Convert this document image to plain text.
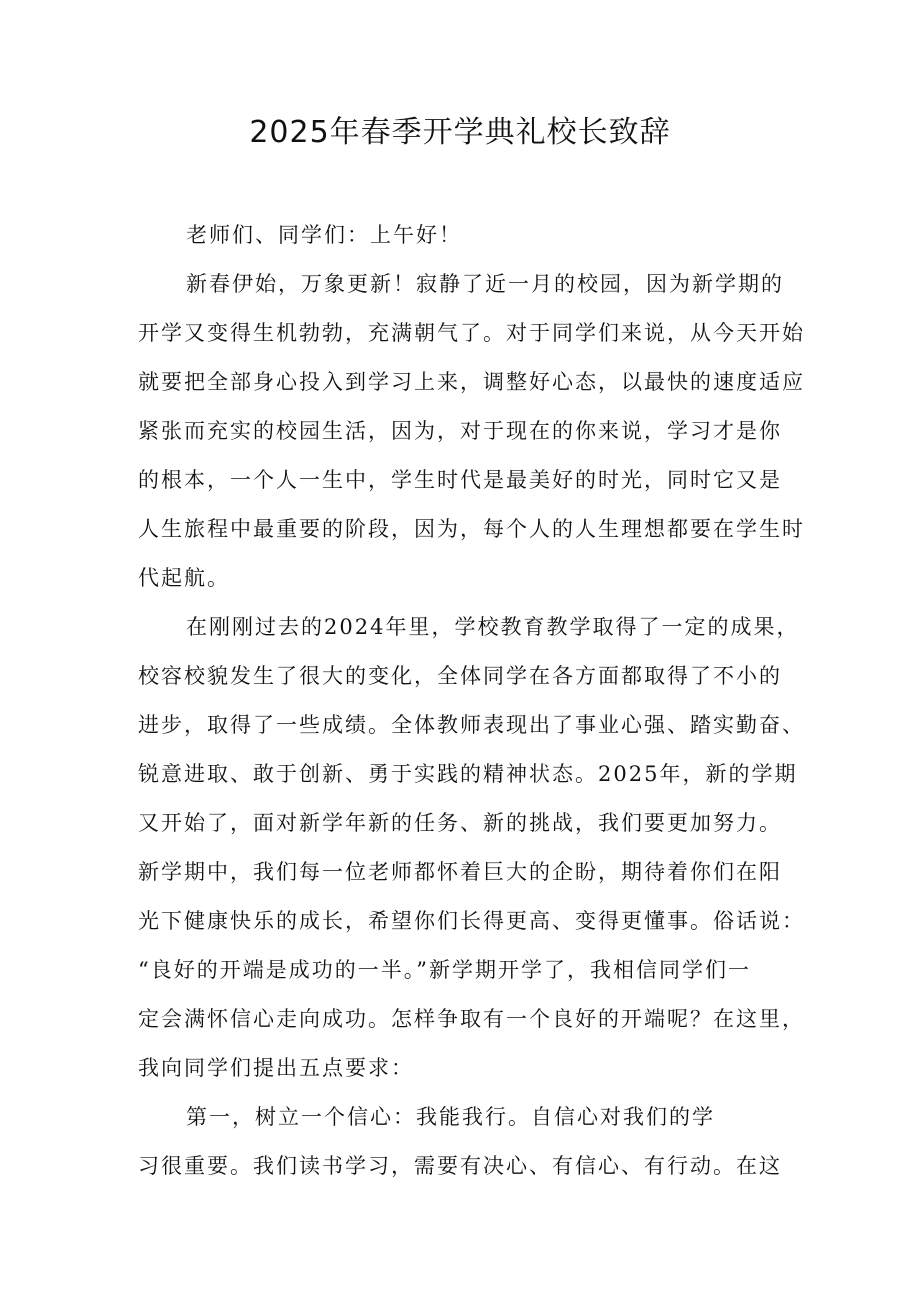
2025年春季开学典礼校长致辞
老师们、同学们：上午好！
新春伊始，万象更新！寂静了近一月的校园，因为新学期的
开学又变得生机勃勃，充满朝气了。对于同学们来说，从今天开始
就要把全部身心投入到学习上来，调整好心态，以最快的速度适应
紧张而充实的校园生活，因为，对于现在的你来说，学习才是你
的根本，一个人一生中，学生时代是最美好的时光，同时它又是
人生旅程中最重要的阶段，因为，每个人的人生理想都要在学生时
代起航。
在刚刚过去的2024年里，学校教育教学取得了一定的成果，
校容校貌发生了很大的变化，全体同学在各方面都取得了不小的
进步，取得了一些成绩。全体教师表现出了事业心强、踏实勤奋、
锐意进取、敢于创新、勇于实践的精神状态。2025年，新的学期
又开始了，面对新学年新的任务、新的挑战，我们要更加努力。
新学期中，我们每一位老师都怀着巨大的企盼，期待着你们在阳
光下健康快乐的成长，希望你们长得更高、变得更懂事。俗话说：
“良好的开端是成功的一半。”新学期开学了，我相信同学们一
定会满怀信心走向成功。怎样争取有一个良好的开端呢？在这里，
我向同学们提出五点要求：
第一，树立一个信心：我能我行。自信心对我们的学
习很重要。我们读书学习，需要有决心、有信心、有行动。在这
